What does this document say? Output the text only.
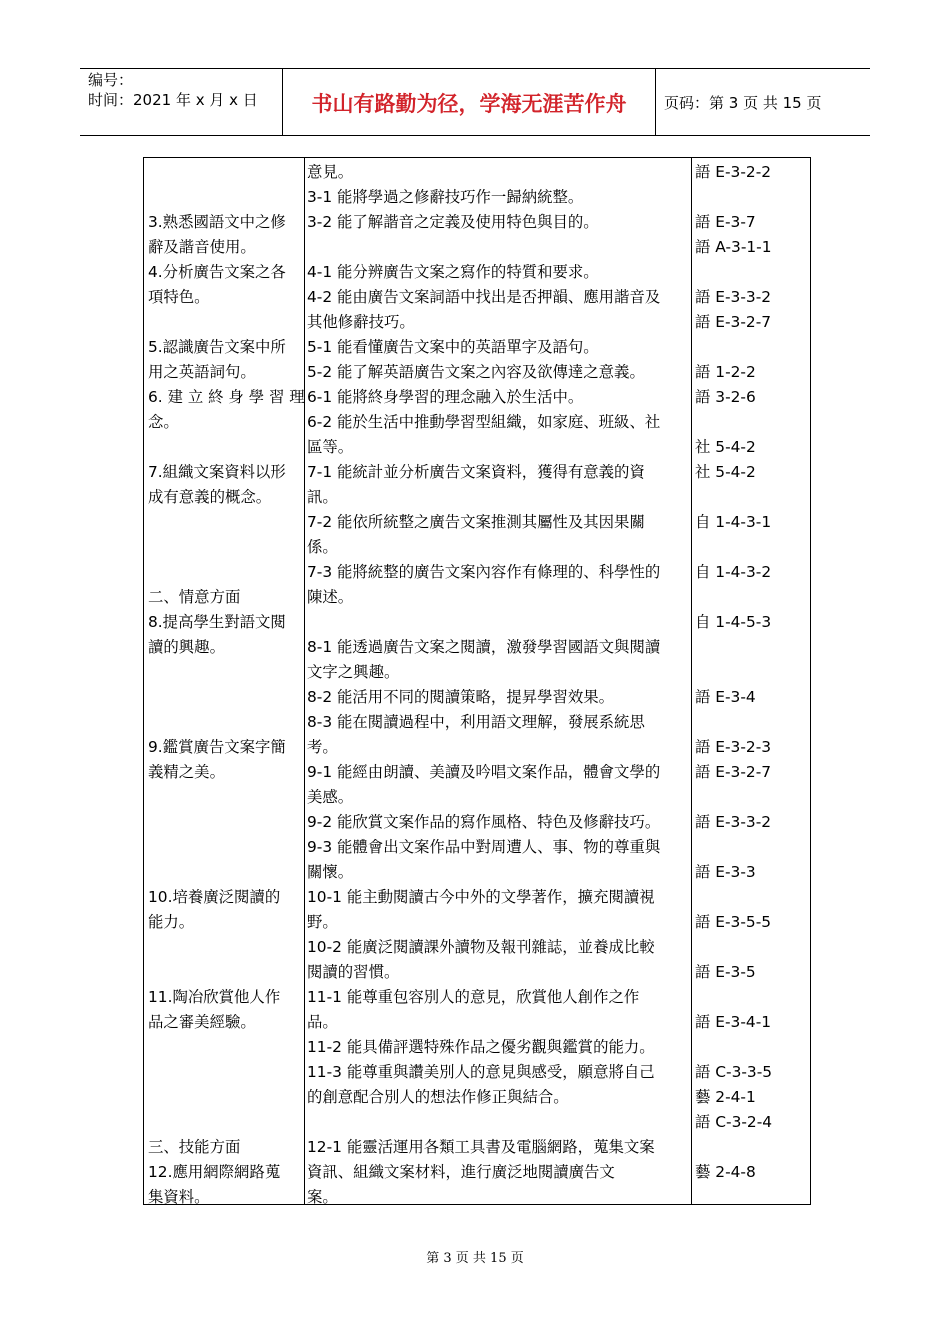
编号：
时间：2021 年 x 月 x 日	书山有路勤为径，学海无涯苦作舟	页码：第 3 页 共 15 页
3.熟悉國語文中之修
辭及諧音使用。
4.分析廣告文案之各
項特色。
5.認識廣告文案中所
用之英語詞句。
6. 建 立 終 身 學 習 理
念。
7.組織文案資料以形
成有意義的概念。
二、情意方面
8.提高學生對語文閱
讀的興趣。
9.鑑賞廣告文案字簡
義精之美。
10.培養廣泛閱讀的
能力。
11.陶冶欣賞他人作
品之審美經驗。
三、技能方面
12.應用網際網路蒐
集資料。
意見。
3-1 能將學過之修辭技巧作一歸納統整。
3-2 能了解諧音之定義及使用特色與目的。
4-1 能分辨廣告文案之寫作的特質和要求。
4-2 能由廣告文案詞語中找出是否押韻、應用諧音及
其他修辭技巧。
5-1 能看懂廣告文案中的英語單字及語句。
5-2 能了解英語廣告文案之內容及欲傳達之意義。
6-1 能將終身學習的理念融入於生活中。
6-2 能於生活中推動學習型組織，如家庭、班級、社
區等。
7-1 能統計並分析廣告文案資料，獲得有意義的資
訊。
7-2 能依所統整之廣告文案推測其屬性及其因果關
係。
7-3 能將統整的廣告文案內容作有條理的、科學性的
陳述。
8-1 能透過廣告文案之閱讀，激發學習國語文與閱讀
文字之興趣。
8-2 能活用不同的閱讀策略，提昇學習效果。
8-3 能在閱讀過程中，利用語文理解，發展系統思
考。
9-1 能經由朗讀、美讀及吟唱文案作品，體會文學的
美感。
9-2 能欣賞文案作品的寫作風格、特色及修辭技巧。
9-3 能體會出文案作品中對周遭人、事、物的尊重與
關懷。
10-1 能主動閱讀古今中外的文學著作，擴充閱讀視
野。
10-2 能廣泛閱讀課外讀物及報刊雜誌，並養成比較
閱讀的習慣。
11-1 能尊重包容別人的意見，欣賞他人創作之作
品。
11-2 能具備評選特殊作品之優劣觀與鑑賞的能力。
11-3 能尊重與讚美別人的意見與感受，願意將自己
的創意配合別人的想法作修正與結合。
12-1 能靈活運用各類工具書及電腦網路，蒐集文案
資訊、組織文案材料，進行廣泛地閱讀廣告文
案。
語 E-3-2-2
語 E-3-7
語 A-3-1-1
語 E-3-3-2
語 E-3-2-7
語 1-2-2
語 3-2-6
社 5-4-2
社 5-4-2
自 1-4-3-1
自 1-4-3-2
自 1-4-5-3
語 E-3-4
語 E-3-2-3
語 E-3-2-7
語 E-3-3-2
語 E-3-3
語 E-3-5-5
語 E-3-5
語 E-3-4-1
語 C-3-3-5
藝 2-4-1
語 C-3-2-4
藝 2-4-8
第 3 页 共 15 页
